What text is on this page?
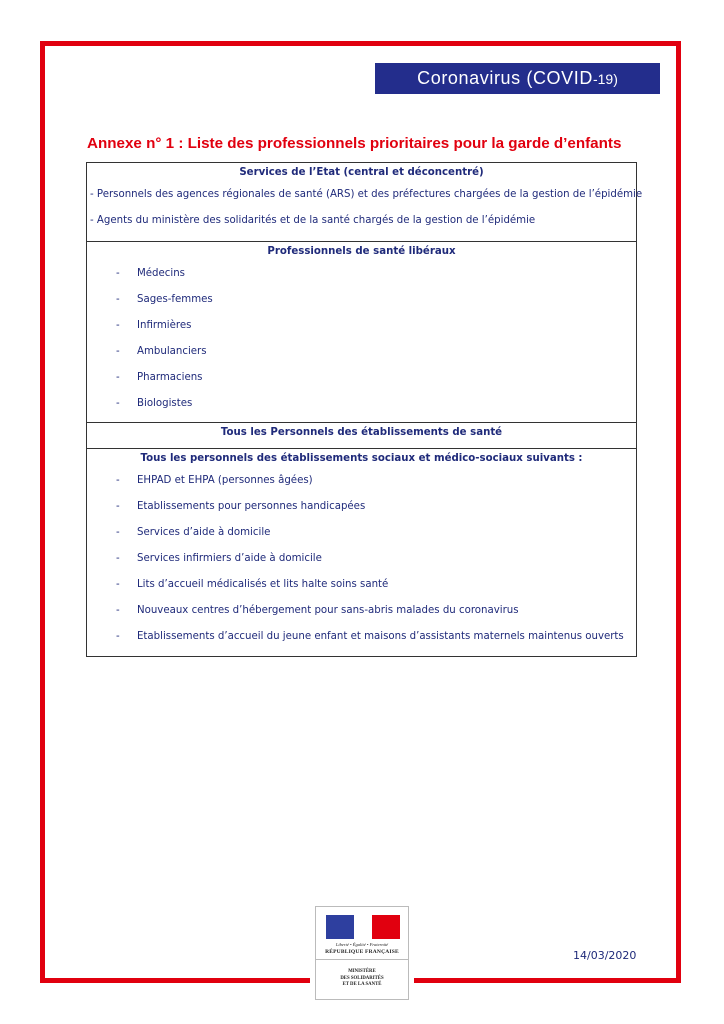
Coronavirus (COVID -19)
Annexe n° 1 : Liste des professionnels prioritaires pour la garde d’enfants
Services de l’Etat (central et déconcentré)
- Personnels des agences régionales de santé (ARS) et des préfectures chargées de la gestion de l’épidémie
- Agents du ministère des solidarités et de la santé chargés de la gestion de l’épidémie
Professionnels de santé libéraux
- Médecins
- Sages-femmes
- Infirmières
- Ambulanciers
- Pharmaciens
- Biologistes
Tous les Personnels des établissements de santé
Tous les personnels des établissements sociaux et médico-sociaux suivants :
- EHPAD et EHPA (personnes âgées)
- Etablissements pour personnes handicapées
- Services d’aide à domicile
- Services infirmiers d’aide à domicile
- Lits d’accueil médicalisés et lits halte soins santé
- Nouveaux centres d’hébergement pour sans-abris malades du coronavirus
- Etablissements d’accueil du jeune enfant et maisons d’assistants maternels maintenus ouverts
Liberté • Égalité • Fraternité
RÉPUBLIQUE FRANÇAISE
MINISTÈRE
DES SOLIDARITÉS
ET DE LA SANTÉ
14/03/2020
